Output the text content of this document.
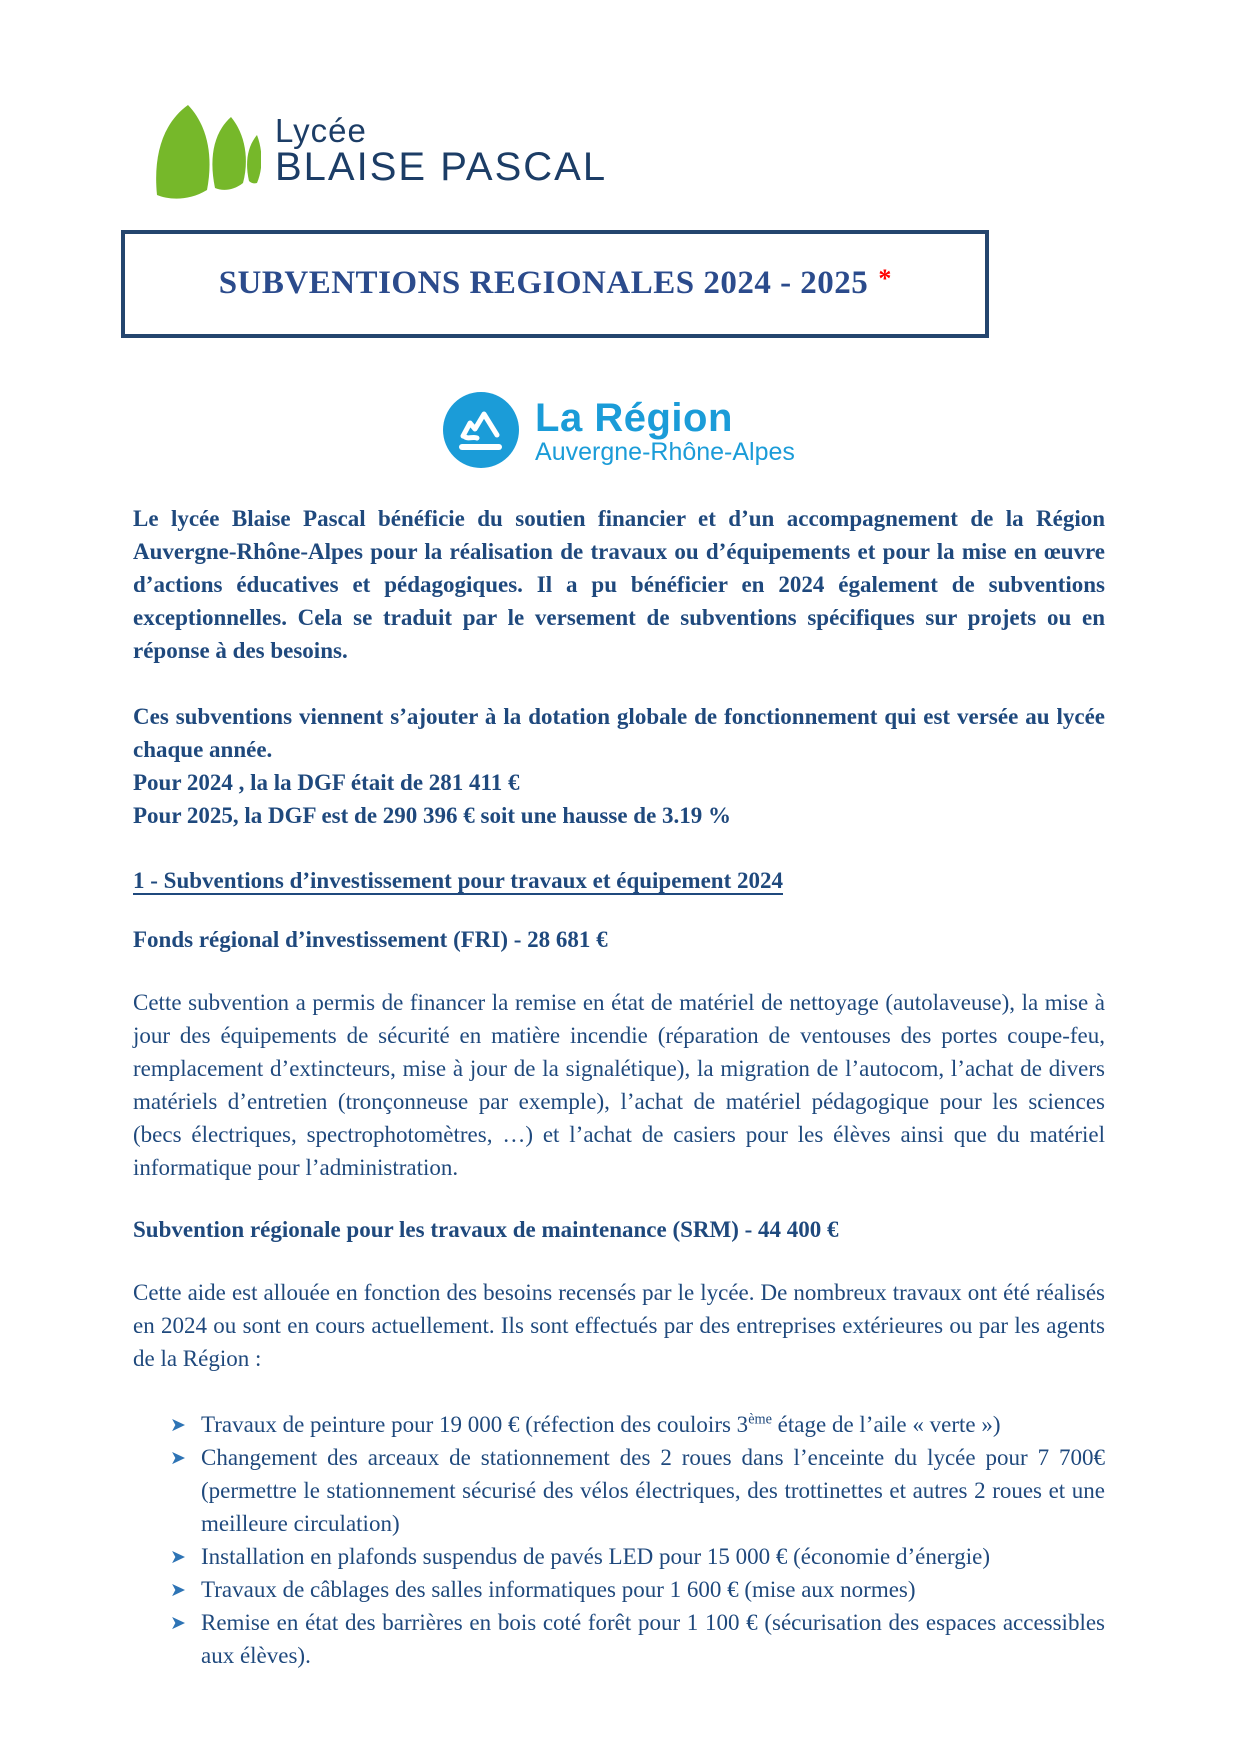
Lycée
BLAISE PASCAL
SUBVENTIONS REGIONALES 2024 - 2025 *
La Région
Auvergne-Rhône-Alpes

Le lycée Blaise Pascal bénéficie du soutien financier et d’un accompagnement de la Région Auvergne-Rhône-Alpes pour la réalisation de travaux ou d’équipements et pour la mise en œuvre d’actions éducatives et pédagogiques. Il a pu bénéficier en 2024 également de subventions exceptionnelles. Cela se traduit par le versement de subventions spécifiques sur projets ou en réponse à des besoins.

Ces subventions viennent s’ajouter à la dotation globale de fonctionnement qui est versée au lycée chaque année.
Pour 2024 , la la DGF était de 281 411 €
Pour 2025, la DGF est de 290 396 € soit une hausse de 3.19 %

1 - Subventions d’investissement pour travaux et équipement 2024
Fonds régional d’investissement (FRI) - 28 681 €

Cette subvention a permis de financer la remise en état de matériel de nettoyage (autolaveuse), la mise à jour des équipements de sécurité en matière incendie (réparation de ventouses des portes coupe-feu, remplacement d’extincteurs, mise à jour de la signalétique), la migration de l’autocom, l’achat de divers matériels d’entretien (tronçonneuse par exemple), l’achat de matériel pédagogique pour les sciences (becs électriques, spectrophotomètres, …) et l’achat de casiers pour les élèves ainsi que du matériel informatique pour l’administration.

Subvention régionale pour les travaux de maintenance (SRM) - 44 400 €

Cette aide est allouée en fonction des besoins recensés par le lycée. De nombreux travaux ont été réalisés en 2024 ou sont en cours actuellement. Ils sont effectués par des entreprises extérieures ou par les agents de la Région :

➤ Travaux de peinture pour 19 000 € (réfection des couloirs 3ème étage de l’aile « verte »)
➤ Changement des arceaux de stationnement des 2 roues dans l’enceinte du lycée pour 7 700€ (permettre le stationnement sécurisé des vélos électriques, des trottinettes et autres 2 roues et une meilleure circulation)
➤ Installation en plafonds suspendus de pavés LED pour 15 000 € (économie d’énergie)
➤ Travaux de câblages des salles informatiques pour 1 600 € (mise aux normes)
➤ Remise en état des barrières en bois coté forêt pour 1 100 € (sécurisation des espaces accessibles aux élèves).
